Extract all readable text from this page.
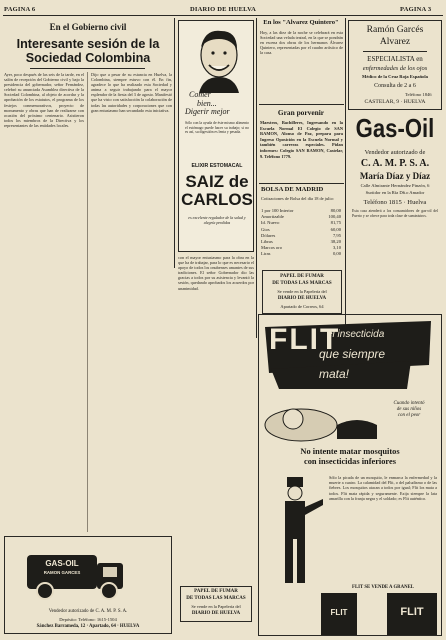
PAGINA 6	DIARIO DE HUELVA	PAGINA 3
En el Gobierno civil
Interesante sesión de la
Sociedad Colombina
Ayer, poco después de las seis de la tarde, en el salón de recepción del Gobierno civil y bajo la presidencia del gobernador, señor Fernández, celebró su anunciada Asamblea directiva de la Sociedad Colombina, al objeto de acordar y la aprobación de los estatutos, el programa de los festejos conmemorativos, proyecto de monumento y obras que han de realizarse con ocasión del próximo centenario. Asistieron todos los miembros de la Directiva y los representantes de las entidades locales.
Dijo que a pesar de su estancia en Huelva, la Colombina, siempre estuvo con él. En fin, agradece lo que ha realizado esta Sociedad y anima a seguir trabajando para el mayor esplendor de la fiesta del 3 de agosto. Manifestó que ha visto con satisfacción la colaboración de todas las autoridades y corporaciones que con gran entusiasmo han secundado esta iniciativa.
con el mayor entusiasmo para la obra en la que ha de trabajar, para lo que es necesario el apoyo de todos los onubenses amantes de sus tradiciones. El señor Gobernador dio las gracias a todos por su asistencia y levantó la sesión, quedando aprobados los acuerdos por unanimidad.
Comer
bien...
Digerir mejor
Sólo con la ayuda de éste mismo alimento el estómago puede hacer su trabajo; si no es así, su digestión es lenta y pesada.
ELIXIR ESTOMACAL
SAIZ de
CARLOS
es excelente regulador de la salud y alegría perdidas
PAPEL DE FUMAR
DE TODAS LAS MARCAS
Se vende en la Papelería del
DIARIO DE HUELVA
GAS-OIL
RAMON GARCES
Vendedor autorizado de C. A. M. P. S. A.
Depósito: Teléfono: 1615-1504
Sánchez Barrameda, 12 · Apartado, 64 · HUELVA
En los "Alvarez Quintero"
Hoy, a las diez de la noche se celebrará en esta Sociedad una velada teatral, en la que se pondrán en escena dos obras de los hermanos Álvarez Quintero, representadas por el cuadro artístico de la casa.
Gran porvenir
Maestros, Bachilleres, Ingresando en la Escuela Normal El Colegio de SAN RAMON, Alonso de Paz, prepara para Ingreso Oposición en la Escuela Normal y también carreras especiales. Pidan informes: Colegio SAN RAMON, Castelar, 9. Teléfono 1779.
BOLSA DE MADRID
Cotizaciones de Bolsa del día 18 de julio:
1 por 100 Interior	80,00
Amortizable	100,40
Id. Nuevo	81,75
Gtos	60,00
Dólares	7,95
Libras	38,20
Marcos oro	3,10
Liras	0,00
PAPEL DE FUMAR
DE TODAS LAS MARCAS
Se vende en la Papelería del
DIARIO DE HUELVA
Apartado de Correos, 64
Ramón Garcés
Alvarez
ESPECIALISTA en
enfermedades de los ojos
Médico de la Cruz Roja Española
Consulta de 2 a 6
Teléfono 1846
CASTELAR, 9 · HUELVA
Gas-Oil
Vendedor autorizado de
C. A. M. P. S. A.
María Díaz y Díaz
Calle Almirante Hernández Pinzón, 6
Surtidor en la Ría Dñ.o Amador
Teléfono 1815 · Huelva
Esta casa atenderá a los consumidores de gas-oil del Puerto y se ofrece para toda clase de suministros.
FLIT
el insecticida
que siempre
mata!
Cuando intentó
de sus niños
con el peor
No intente matar mosquitos
con insecticidas inferiores
Sólo la picada de un mosquito, le enmarca la enfermedad y la muerte a cuatro. La calamidad del Flit, o del paludismo o de las fiebres. Los mosquitos atacan a todos por igual; Flit los mata a todos. Flit mata rápida y seguramente. Exija siempre la lata amarilla con la franja negra y el soldado; es Flit auténtico.
FLIT SE VENDE A GRANEL
FLIT	FLIT
